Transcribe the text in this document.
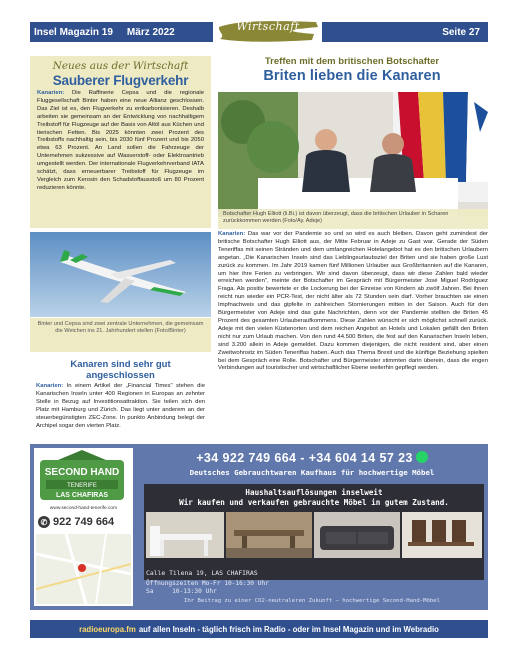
Insel Magazin 19 März 2022	Wirtschaft	Seite 27
Neues aus der Wirtschaft
Sauberer Flugverkehr

Kanarien: Die Raffinerie Cepsa und die regionale Fluggesellschaft Binter haben eine neue Allianz geschlossen. Das Ziel ist es, den Flugverkehr zu entkarbonisieren. Deshalb arbeiten sie gemeinsam an der Entwicklung von nachhaltigem Treibstoff für Flugzeuge auf der Basis von Altöl aus Küchen und tierischen Fetten. Bis 2025 könnten zwei Prozent des Treibstoffs nachhaltig sein, bis 2030 fünf Prozent und bis 2050 etwa 63 Prozent. An Land sollen die Fahrzeuge der Unternehmen sukzessive auf Wasserstoff- oder Elektroantrieb umgestellt werden. Der internationale Flugverkehrverband IATA schätzt, dass erneuerbarer Treibstoff für Flugzeuge im Vergleich zum Kerosin den Schadstoffausstoß um 80 Prozent reduzieren könnte.

Binter und Cepsa sind zwei zentrale Unternehmen, die gemeinsam die Weichen ins 21. Jahrhundert stellen (Foto/Binter)
Kanaren sind sehr gut angeschlossen

Kanarien: In einem Artikel der „Financial Times" stehen die Kanarischen Inseln unter 400 Regionen in Europas an zehnter Stelle in Bezug auf Investitionsattraktion. Sie teilen sich den Platz mit Hamburg und Zürich. Das liegt unter anderem an der steuerbegünstigten ZEC-Zone. In punkto Anbindung belegt der Archipel sogar den vierten Platz.

Treffen mit dem britischen Botschafter
Briten lieben die Kanaren
Botschafter Hugh Elliott (li.Bi.) ist davon überzeugt, dass die britischen Urlauber in Scharen zurückkommen werden (Foto/Ay. Adeje)

Kanarien: Das war vor der Pandemie so und so wird es auch bleiben. Davon geht zumindest der britische Botschafter Hugh Elliott aus, der Mitte Februar in Adeje zu Gast war. Gerade der Süden Teneriffas mit seinen Stränden und dem umfangreichen Hotelangebot hat es den britischen Urlaubern angetan. „Die Kanarischen Inseln sind das Lieblingsurlaubsziel der Briten und sie haben große Lust zurück zu kommen. Im Jahr 2019 kamen fünf Millionen Urlauber aus Großbritannien auf die Kanaren, um hier ihre Ferien zu verbringen. Wir sind davon überzeugt, dass wir diese Zahlen bald wieder erreichen werden", meinte der Botschafter im Gespräch mit Bürgermeister José Miguel Rodríguez Fraga. Als positiv bewertete er die Lockerung bei der Einreise von Kindern ab zwölf Jahren. Bei ihnen reicht nun wieder ein PCR-Test, der nicht älter als 72 Stunden sein darf. Vorher brauchten sie einen Impfnachweis und das gipfelte in zahlreichen Stornierungen mitten in der Saison. Auch für den Bürgermeister von Adeje sind das gute Nachrichten, denn vor der Pandemie stellten die Briten 45 Prozent des gesamten Urlauberaufkommens. Diese Zahlen wünscht er sich möglichst schnell zurück. Adeje mit den vielen Küstenorten und dem reichen Angebot an Hotels und Lokalen gefällt den Briten nicht nur zum Urlaub machen. Von den rund 44.500 Briten, die fest auf den Kanarischen Inseln leben, sind 3.200 allein in Adeje gemeldet. Dazu kommen diejenigen, die nicht resident sind, aber einen Zweitwohnsitz im Süden Teneriffas haben. Auch das Thema Brexit und die künftige Beziehung spielten bei dem Gespräch eine Rolle. Botschafter und Bürgermeister stimmten darin überein, dass die engen Verbindungen auf touristischer und wirtschaftlicher Ebene weiterhin gepflegt werden.

SECOND HAND
TENERIFE
LAS CHAFIRAS
www.second-hand-tenerife.com
✆ 922 749 664
+34 922 749 664 - +34 604 14 57 23
Deutsches Gebrauchtwaren Kaufhaus für hochwertige Möbel
Haushaltsauflösungen inselweit
Wir kaufen und verkaufen gebrauchte Möbel in gutem Zustand.
Calle Tilena 19, LAS CHAFIRAS
Öffnungszeiten Mo-Fr 10-16:30 Uhr
Sa     10-13:30 Uhr
Ihr Beitrag zu einer CO2-neutraleren Zukunft – hochwertige Second-Hand-Möbel
radioeuropa.fm auf allen Inseln - täglich frisch im Radio - oder im Insel Magazin und im Webradio
